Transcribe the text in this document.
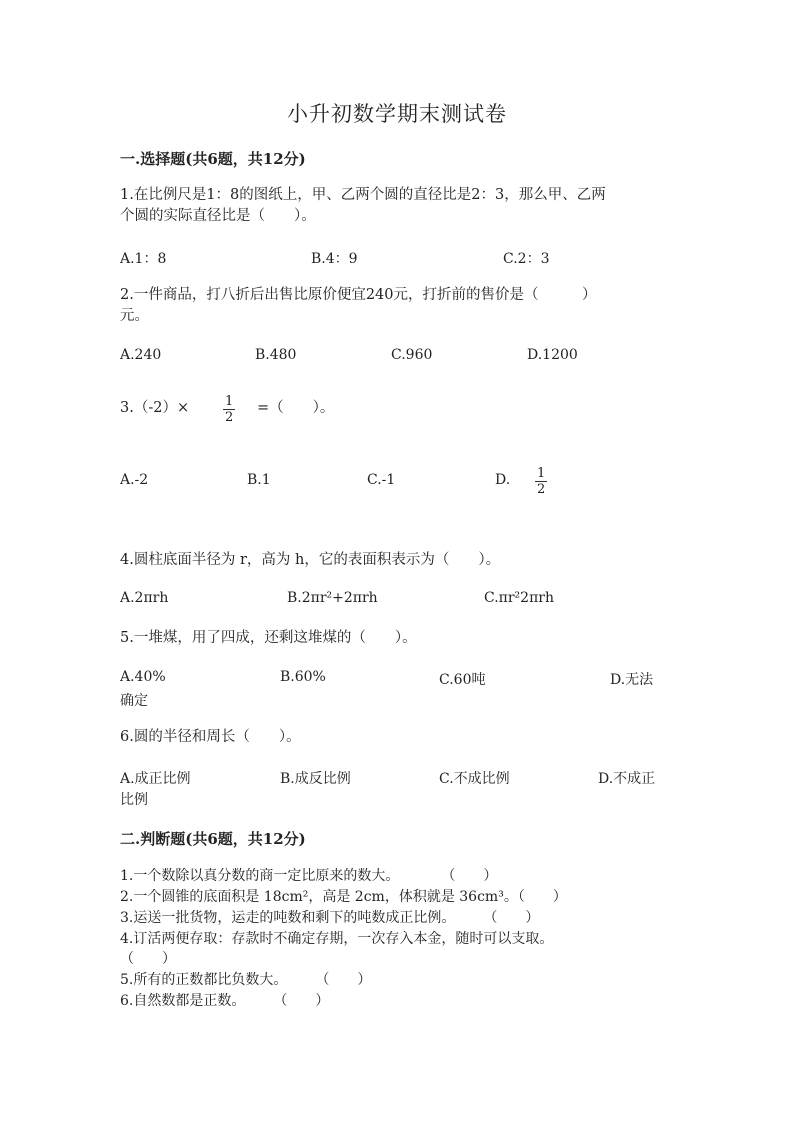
小升初数学期末测试卷
一.选择题(共6题，共12分)
1.在比例尺是1：8的图纸上，甲、乙两个圆的直径比是2：3，那么甲、乙两
个圆的实际直径比是（　　）。
A.1：8	B.4：9	C.2：3
2.一件商品，打八折后出售比原价便宜240元，打折前的售价是（　　　）
元。
A.240	B.480	C.960	D.1200
3.（-2）×	$\frac{1}{2}$ =（　　）。
A.-2	B.1	C.-1	D. $\frac{1}{2}$
4.圆柱底面半径为 r，高为 h，它的表面积表示为（　　）。
A.2πrh	B.2πr²+2πrh	C.πr²2πrh
5.一堆煤，用了四成，还剩这堆煤的（　　）。
A.40%	B.60%	C.60吨	D.无法
确定
6.圆的半径和周长（　　）。
A.成正比例	B.成反比例	C.不成比例	D.不成正
比例
二.判断题(共6题，共12分)
1.一个数除以真分数的商一定比原来的数大。　　　　（　　）
2.一个圆锥的底面积是 18cm²，高是 2cm，体积就是 36cm³。（　　）
3.运送一批货物，运走的吨数和剩下的吨数成正比例。　　　（　　）
4.订活两便存取：存款时不确定存期，一次存入本金，随时可以支取。
（　　）
5.所有的正数都比负数大。　　　（　　）
6.自然数都是正数。　　　（　　）
